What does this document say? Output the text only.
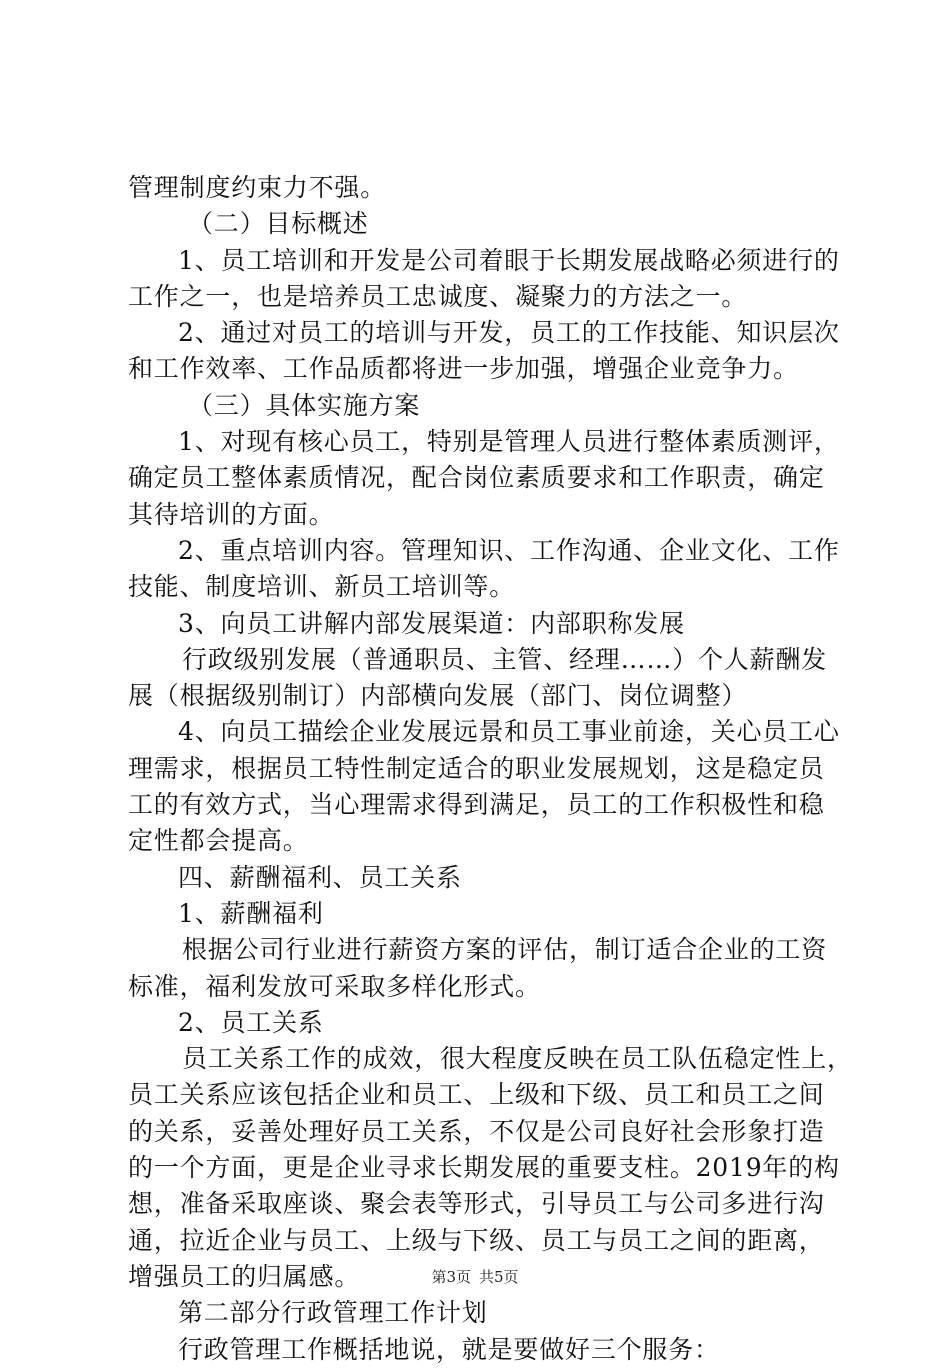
管理制度约束力不强。
（二）目标概述
1、员工培训和开发是公司着眼于长期发展战略必须进行的
工作之一，也是培养员工忠诚度、凝聚力的方法之一。
2、通过对员工的培训与开发，员工的工作技能、知识层次
和工作效率、工作品质都将进一步加强，增强企业竞争力。
（三）具体实施方案
1、对现有核心员工，特别是管理人员进行整体素质测评，
确定员工整体素质情况，配合岗位素质要求和工作职责，确定
其待培训的方面。
2、重点培训内容。管理知识、工作沟通、企业文化、工作
技能、制度培训、新员工培训等。
3、向员工讲解内部发展渠道：内部职称发展
行政级别发展（普通职员、主管、经理……）个人薪酬发
展（根据级别制订）内部横向发展（部门、岗位调整）
4、向员工描绘企业发展远景和员工事业前途，关心员工心
理需求，根据员工特性制定适合的职业发展规划，这是稳定员
工的有效方式，当心理需求得到满足，员工的工作积极性和稳
定性都会提高。
四、薪酬福利、员工关系
1、薪酬福利
根据公司行业进行薪资方案的评估，制订适合企业的工资
标准，福利发放可采取多样化形式。
2、员工关系
员工关系工作的成效，很大程度反映在员工队伍稳定性上，
员工关系应该包括企业和员工、上级和下级、员工和员工之间
的关系，妥善处理好员工关系，不仅是公司良好社会形象打造
的一个方面，更是企业寻求长期发展的重要支柱。2019年的构
想，准备采取座谈、聚会表等形式，引导员工与公司多进行沟
通，拉近企业与员工、上级与下级、员工与员工之间的距离，
增强员工的归属感。
第二部分行政管理工作计划
行政管理工作概括地说，就是要做好三个服务：
第3页 共5页
